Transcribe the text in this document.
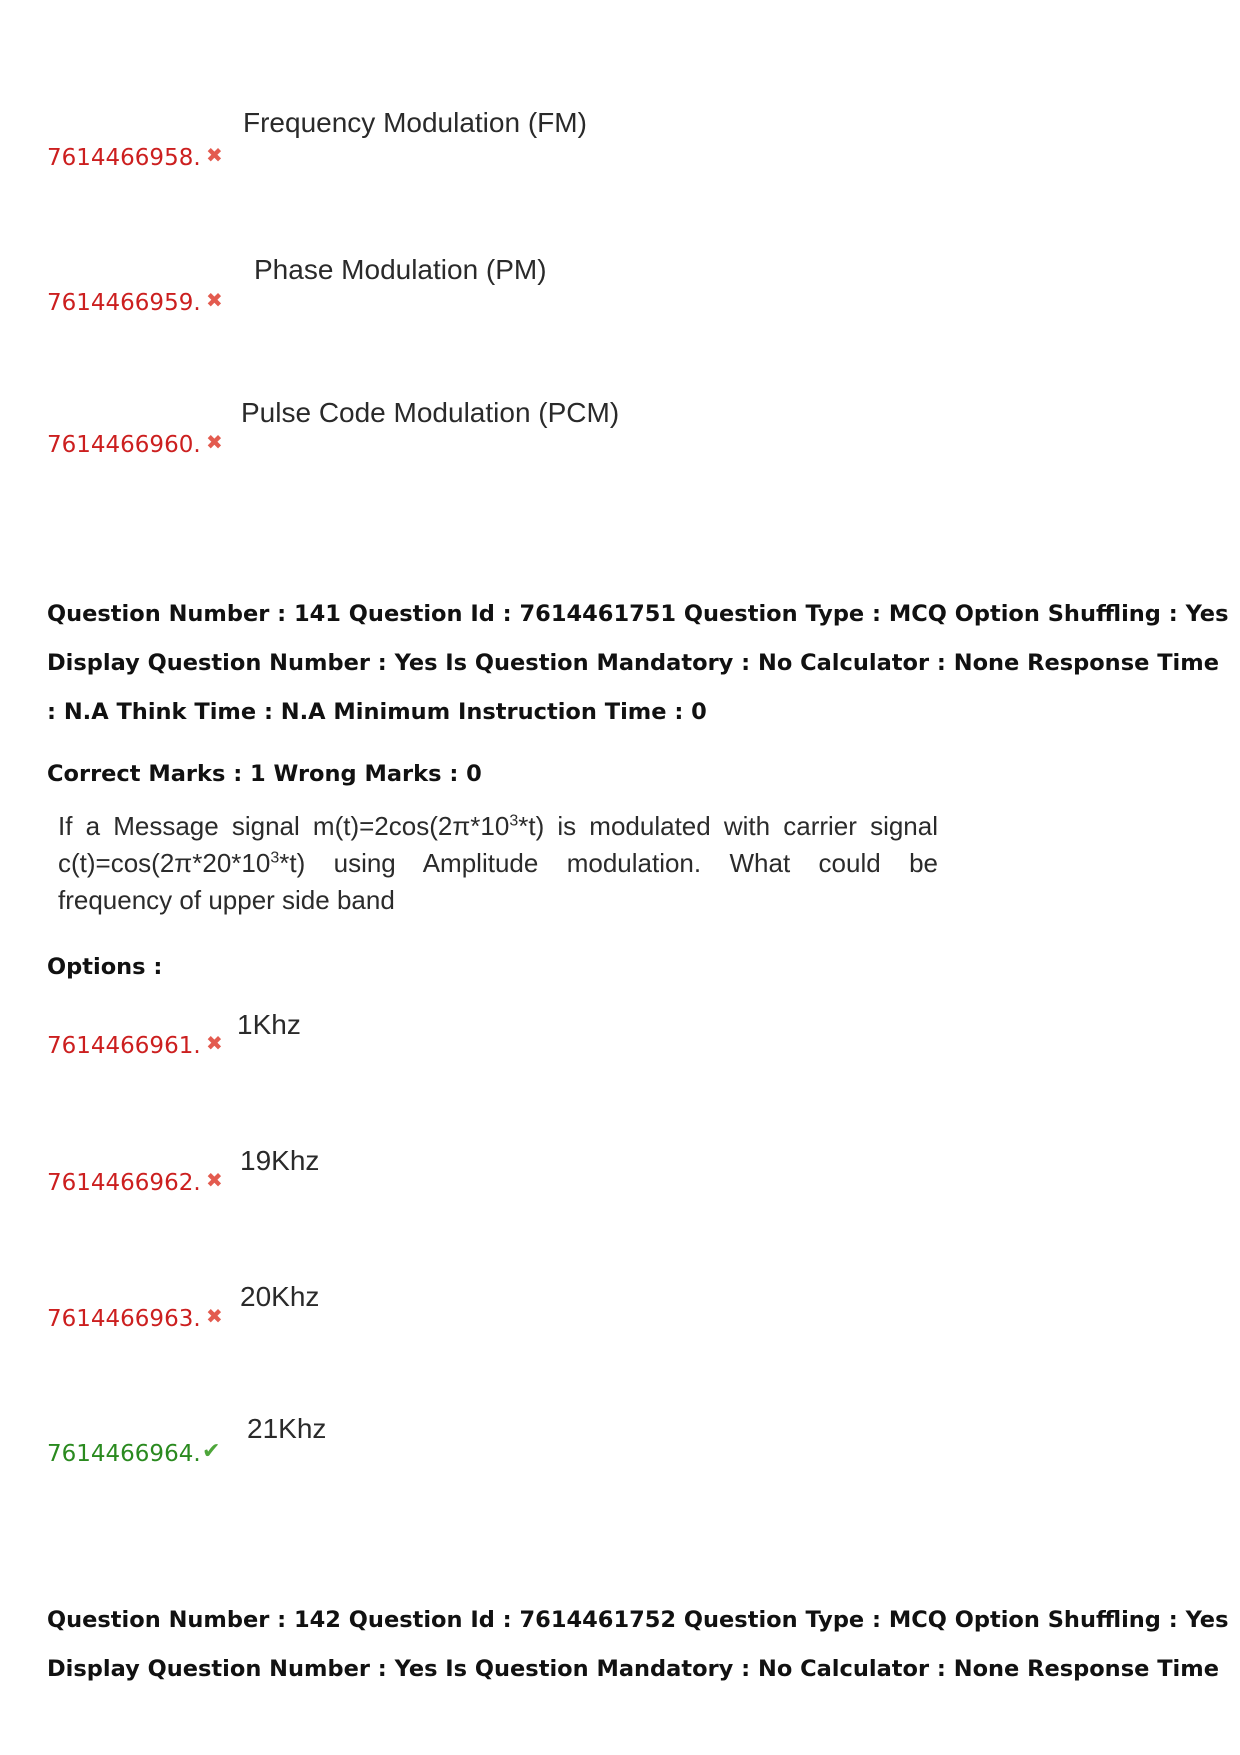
7614466958. ✖
Frequency Modulation (FM)
7614466959. ✖
Phase Modulation (PM)
7614466960. ✖
Pulse Code Modulation (PCM)
Question Number : 141 Question Id : 7614461751 Question Type : MCQ Option Shuffling : Yes
Display Question Number : Yes Is Question Mandatory : No Calculator : None Response Time
: N.A Think Time : N.A Minimum Instruction Time : 0
Correct Marks : 1 Wrong Marks : 0
If a Message signal $m(t)=2\cos(2\pi*10^3*t)$ is modulated with carrier signal
$c(t)=\cos(2\pi*20*10^3*t)$ using Amplitude modulation. What could be
frequency of upper side band
Options :
7614466961. ✖
1Khz
7614466962. ✖
19Khz
7614466963. ✖
20Khz
7614466964. ✔
21Khz
Question Number : 142 Question Id : 7614461752 Question Type : MCQ Option Shuffling : Yes
Display Question Number : Yes Is Question Mandatory : No Calculator : None Response Time
